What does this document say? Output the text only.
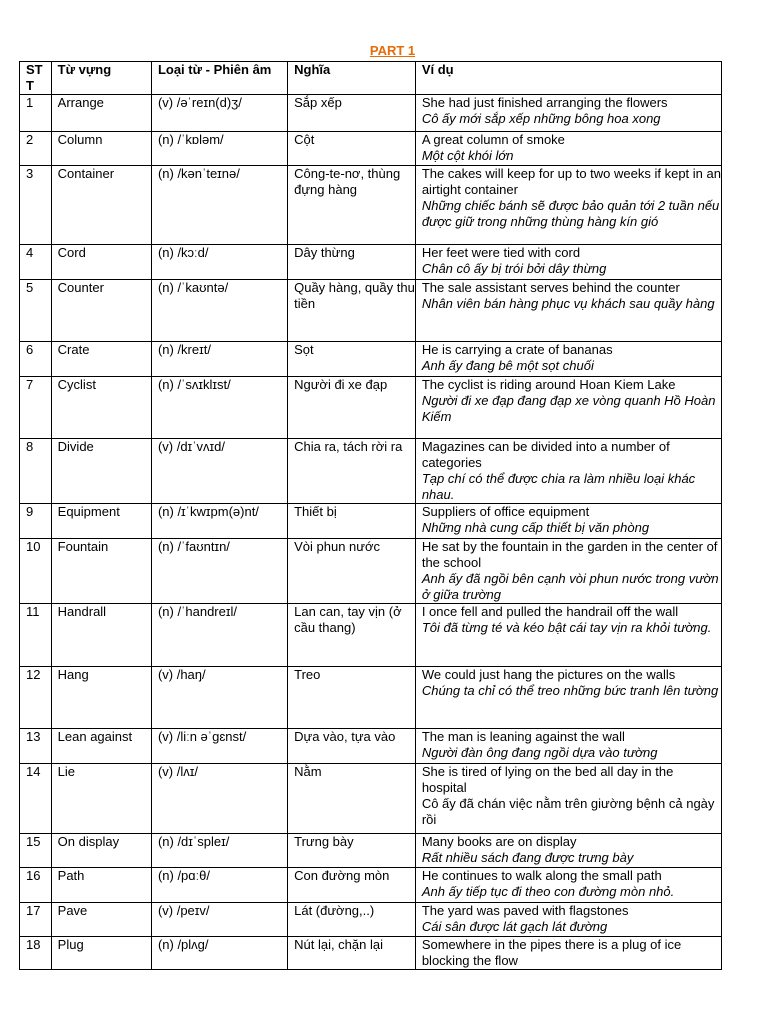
PART 1
ST T	Từ vựng	Loại từ - Phiên âm	Nghĩa	Ví dụ
1	Arrange	(v) /əˈreɪn(d)ʒ/	Sắp xếp	She had just finished arranging the flowers
Cô ấy mới sắp xếp những bông hoa xong

2	Column	(n) /ˈkɒləm/	Cột	A great column of smoke
Một cột khói lớn

3	Container	(n) /kənˈteɪnə/	Công-te-nơ, thùng đựng hàng	The cakes will keep for up to two weeks if kept in an airtight container
Những chiếc bánh sẽ được bảo quản tới 2 tuần nếu được giữ trong những thùng hàng kín gió

4	Cord	(n) /kɔːd/	Dây thừng	Her feet were tied with cord
Chân cô ấy bị trói bởi dây thừng

5	Counter	(n) /ˈkaʊntə/	Quầy hàng, quầy thu tiền	The sale assistant serves behind the counter
Nhân viên bán hàng phục vụ khách sau quầy hàng

6	Crate	(n) /kreɪt/	Sọt	He is carrying a crate of bananas
Anh ấy đang bê một sọt chuối

7	Cyclist	(n) /ˈsʌɪklɪst/	Người đi xe đạp	The cyclist is riding around Hoan Kiem Lake
Người đi xe đạp đang đạp xe vòng quanh Hồ Hoàn Kiếm

8	Divide	(v) /dɪˈvʌɪd/	Chia ra, tách rời ra	Magazines can be divided into a number of categories
Tạp chí có thể được chia ra làm nhiều loại khác nhau.

9	Equipment	(n) /ɪˈkwɪpm(ə)nt/	Thiết bị	Suppliers of office equipment
Những nhà cung cấp thiết bị văn phòng

10	Fountain	(n) /ˈfaʊntɪn/	Vòi phun nước	He sat by the fountain in the garden in the center of the school
Anh ấy đã ngồi bên cạnh vòi phun nước trong vườn ở giữa trường

11	Handrall	(n) /ˈhandreɪl/	Lan can, tay vịn (ở cầu thang)	I once fell and pulled the handrail off the wall
Tôi đã từng té và kéo bật cái tay vịn ra khỏi tường.

12	Hang	(v) /haŋ/	Treo	We could just hang the pictures on the walls
Chúng ta chỉ có thể treo những bức tranh lên tường

13	Lean against	(v) /liːn əˈɡɛnst/	Dựa vào, tựa vào	The man is leaning against the wall
Người đàn ông đang ngồi dựa vào tường

14	Lie	(v) /lʌɪ/	Nằm	She is tired of lying on the bed all day in the hospital
Cô ấy đã chán việc nằm trên giường bệnh cả ngày rồi

15	On display	(n) /dɪˈspleɪ/	Trưng bày	Many books are on display
Rất nhiều sách đang được trưng bày

16	Path	(n) /pɑːθ/	Con đường mòn	He continues to walk along the small path
Anh ấy tiếp tục đi theo con đường mòn nhỏ.

17	Pave	(v) /peɪv/	Lát (đường,..)	The yard was paved with flagstones
Cái sân được lát gạch lát đường

18	Plug	(n) /plʌɡ/	Nút lại, chặn lại	Somewhere in the pipes there is a plug of ice blocking the flow
